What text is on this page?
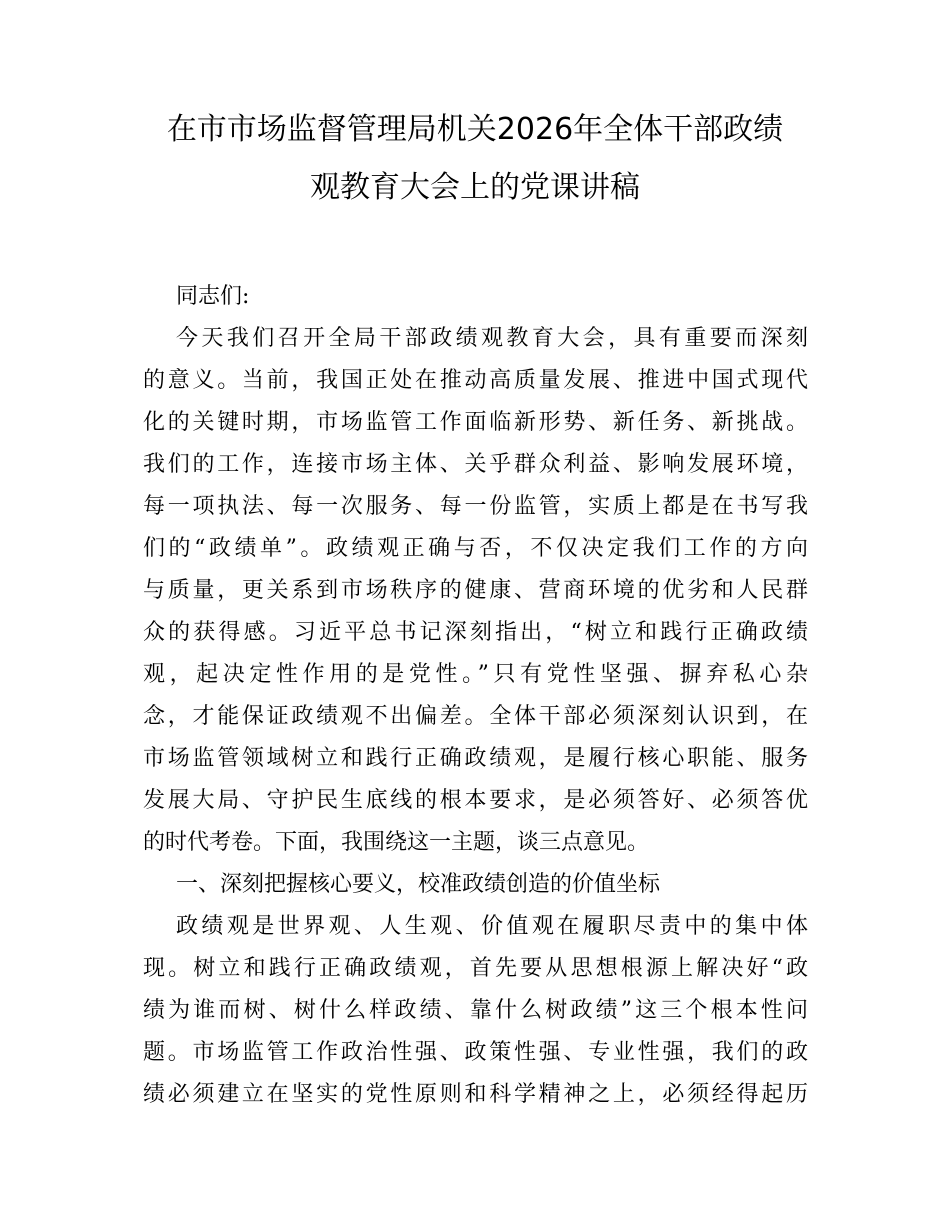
在市市场监督管理局机关2026年全体干部政绩
观教育大会上的党课讲稿
同志们:
今天我们召开全局干部政绩观教育大会，具有重要而深刻
的意义。当前，我国正处在推动高质量发展、推进中国式现代
化的关键时期，市场监管工作面临新形势、新任务、新挑战。
我们的工作，连接市场主体、关乎群众利益、影响发展环境，
每一项执法、每一次服务、每一份监管，实质上都是在书写我
们的“政绩单”。政绩观正确与否，不仅决定我们工作的方向
与质量，更关系到市场秩序的健康、营商环境的优劣和人民群
众的获得感。习近平总书记深刻指出，“树立和践行正确政绩
观，起决定性作用的是党性。”只有党性坚强、摒弃私心杂
念，才能保证政绩观不出偏差。全体干部必须深刻认识到，在
市场监管领域树立和践行正确政绩观，是履行核心职能、服务
发展大局、守护民生底线的根本要求，是必须答好、必须答优
的时代考卷。下面，我围绕这一主题，谈三点意见。
一、深刻把握核心要义，校准政绩创造的价值坐标
政绩观是世界观、人生观、价值观在履职尽责中的集中体
现。树立和践行正确政绩观，首先要从思想根源上解决好“政
绩为谁而树、树什么样政绩、靠什么树政绩”这三个根本性问
题。市场监管工作政治性强、政策性强、专业性强，我们的政
绩必须建立在坚实的党性原则和科学精神之上，必须经得起历
